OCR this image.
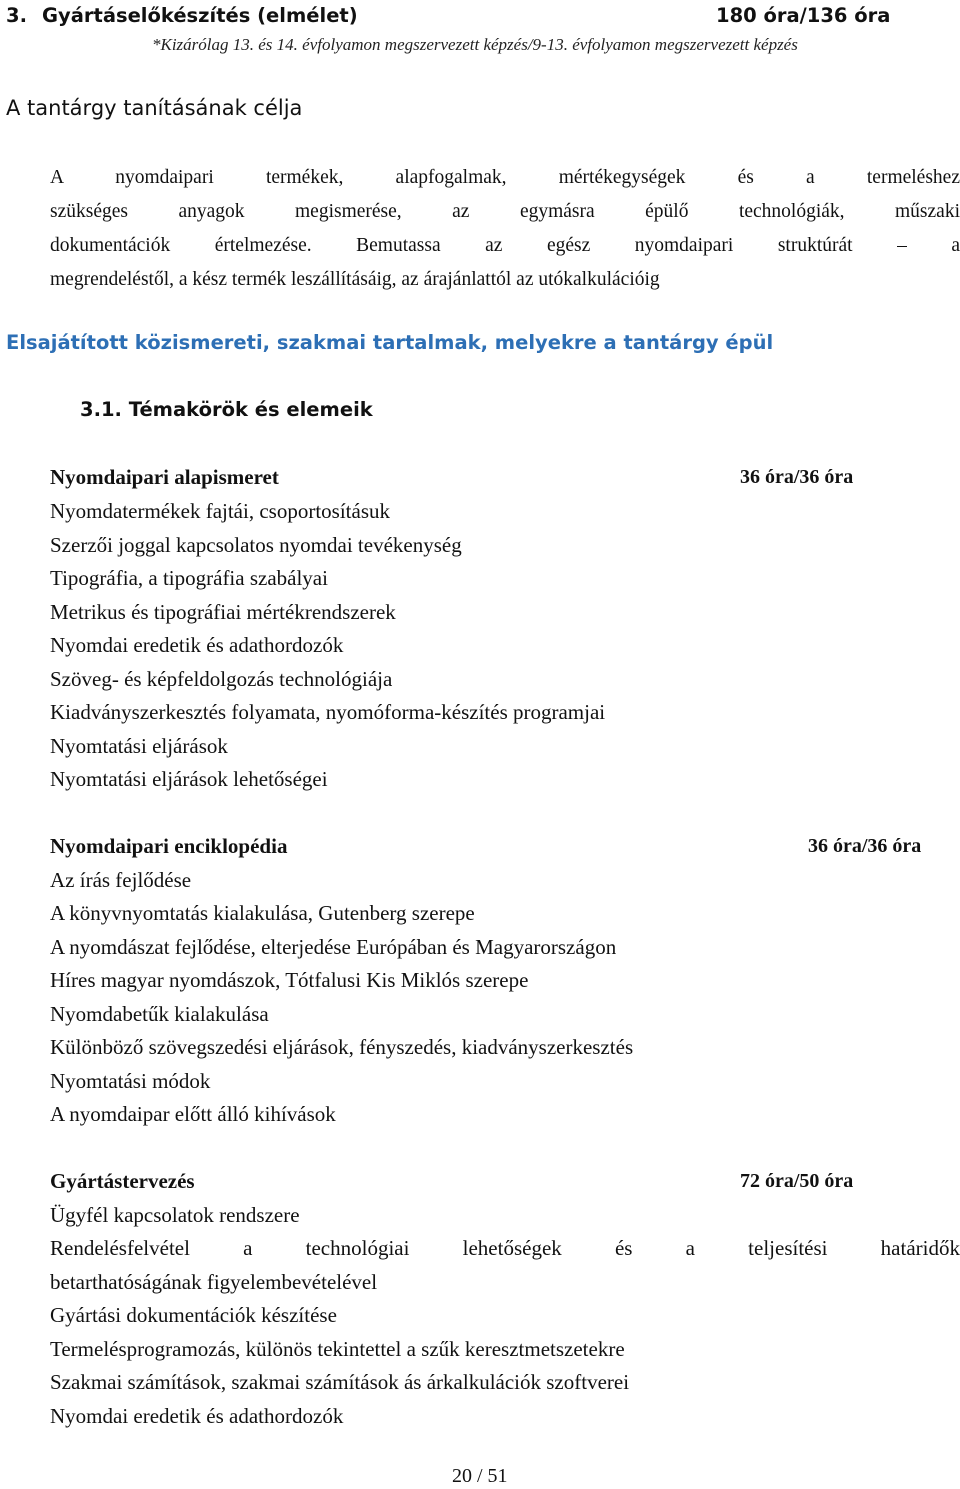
3. Gyártáselőkészítés (elmélet)	180 óra/136 óra
*Kizárólag 13. és 14. évfolyamon megszervezett képzés/9-13. évfolyamon megszervezett képzés
A tantárgy tanításának célja
A nyomdaipari termékek, alapfogalmak, mértékegységek és a termeléshez
szükséges anyagok megismerése, az egymásra épülő technológiák, műszaki
dokumentációk értelmezése. Bemutassa az egész nyomdaipari struktúrát – a
megrendeléstől, a kész termék leszállításáig, az árajánlattól az utókalkulációig
Elsajátított közismereti, szakmai tartalmak, melyekre a tantárgy épül
3.1. Témakörök és elemeik
Nyomdaipari alapismeret	36 óra/36 óra
Nyomdatermékek fajtái, csoportosításuk
Szerzői joggal kapcsolatos nyomdai tevékenység
Tipográfia, a tipográfia szabályai
Metrikus és tipográfiai mértékrendszerek
Nyomdai eredetik és adathordozók
Szöveg- és képfeldolgozás technológiája
Kiadványszerkesztés folyamata, nyomóforma-készítés programjai
Nyomtatási eljárások
Nyomtatási eljárások lehetőségei
Nyomdaipari enciklopédia	36 óra/36 óra
Az írás fejlődése
A könyvnyomtatás kialakulása, Gutenberg szerepe
A nyomdászat fejlődése, elterjedése Európában és Magyarországon
Híres magyar nyomdászok, Tótfalusi Kis Miklós szerepe
Nyomdabetűk kialakulása
Különböző szövegszedési eljárások, fényszedés, kiadványszerkesztés
Nyomtatási módok
A nyomdaipar előtt álló kihívások
Gyártástervezés	72 óra/50 óra
Ügyfél kapcsolatok rendszere
Rendelésfelvétel a technológiai lehetőségek és a teljesítési határidők
betarthatóságának figyelembevételével
Gyártási dokumentációk készítése
Termelésprogramozás, különös tekintettel a szűk keresztmetszetekre
Szakmai számítások, szakmai számítások ás árkalkulációk szoftverei
Nyomdai eredetik és adathordozók
20 / 51
